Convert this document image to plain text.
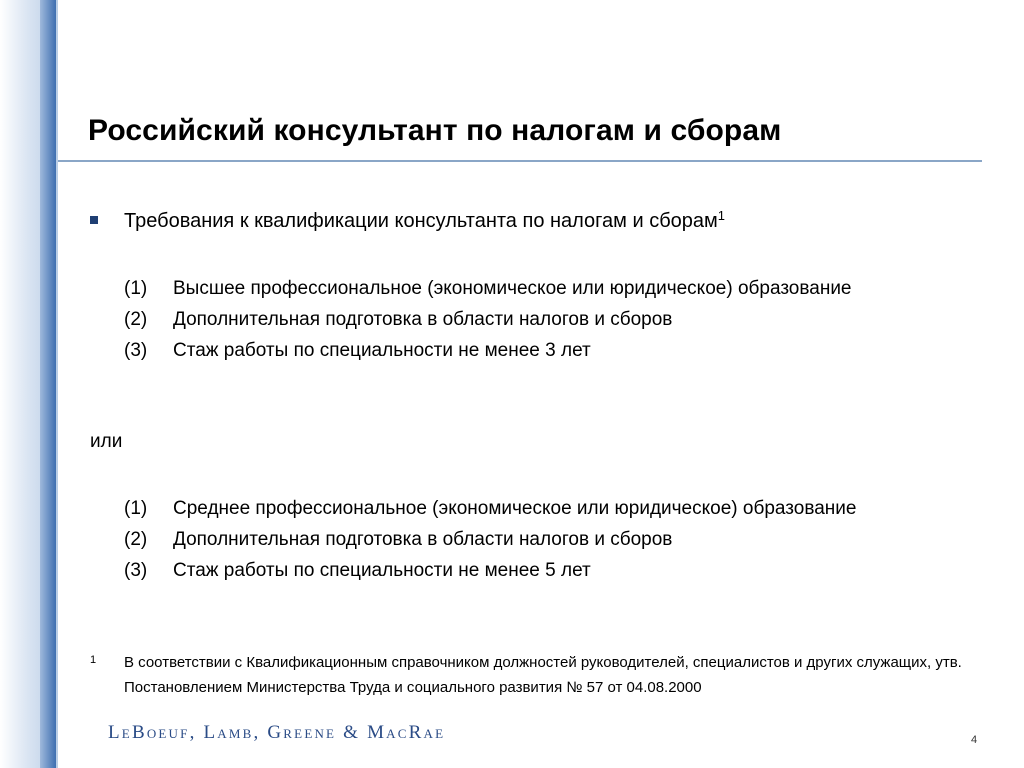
Российский консультант по налогам и сборам
Требования к квалификации консультанта по налогам и сборам$^1$
(1)	Высшее профессиональное (экономическое или юридическое) образование
(2)	Дополнительная подготовка в области налогов и сборов
(3)	Стаж работы по специальности не менее 3 лет
или
(1)	Среднее профессиональное (экономическое или юридическое) образование
(2)	Дополнительная подготовка в области налогов и сборов
(3)	Стаж работы по специальности не менее 5 лет
1	В соответствии с Квалификационным справочником должностей руководителей, специалистов и других служащих, утв. Постановлением Министерства Труда и социального развития № 57 от 04.08.2000
LeBoeuf, Lamb, Greene & MacRae	4
